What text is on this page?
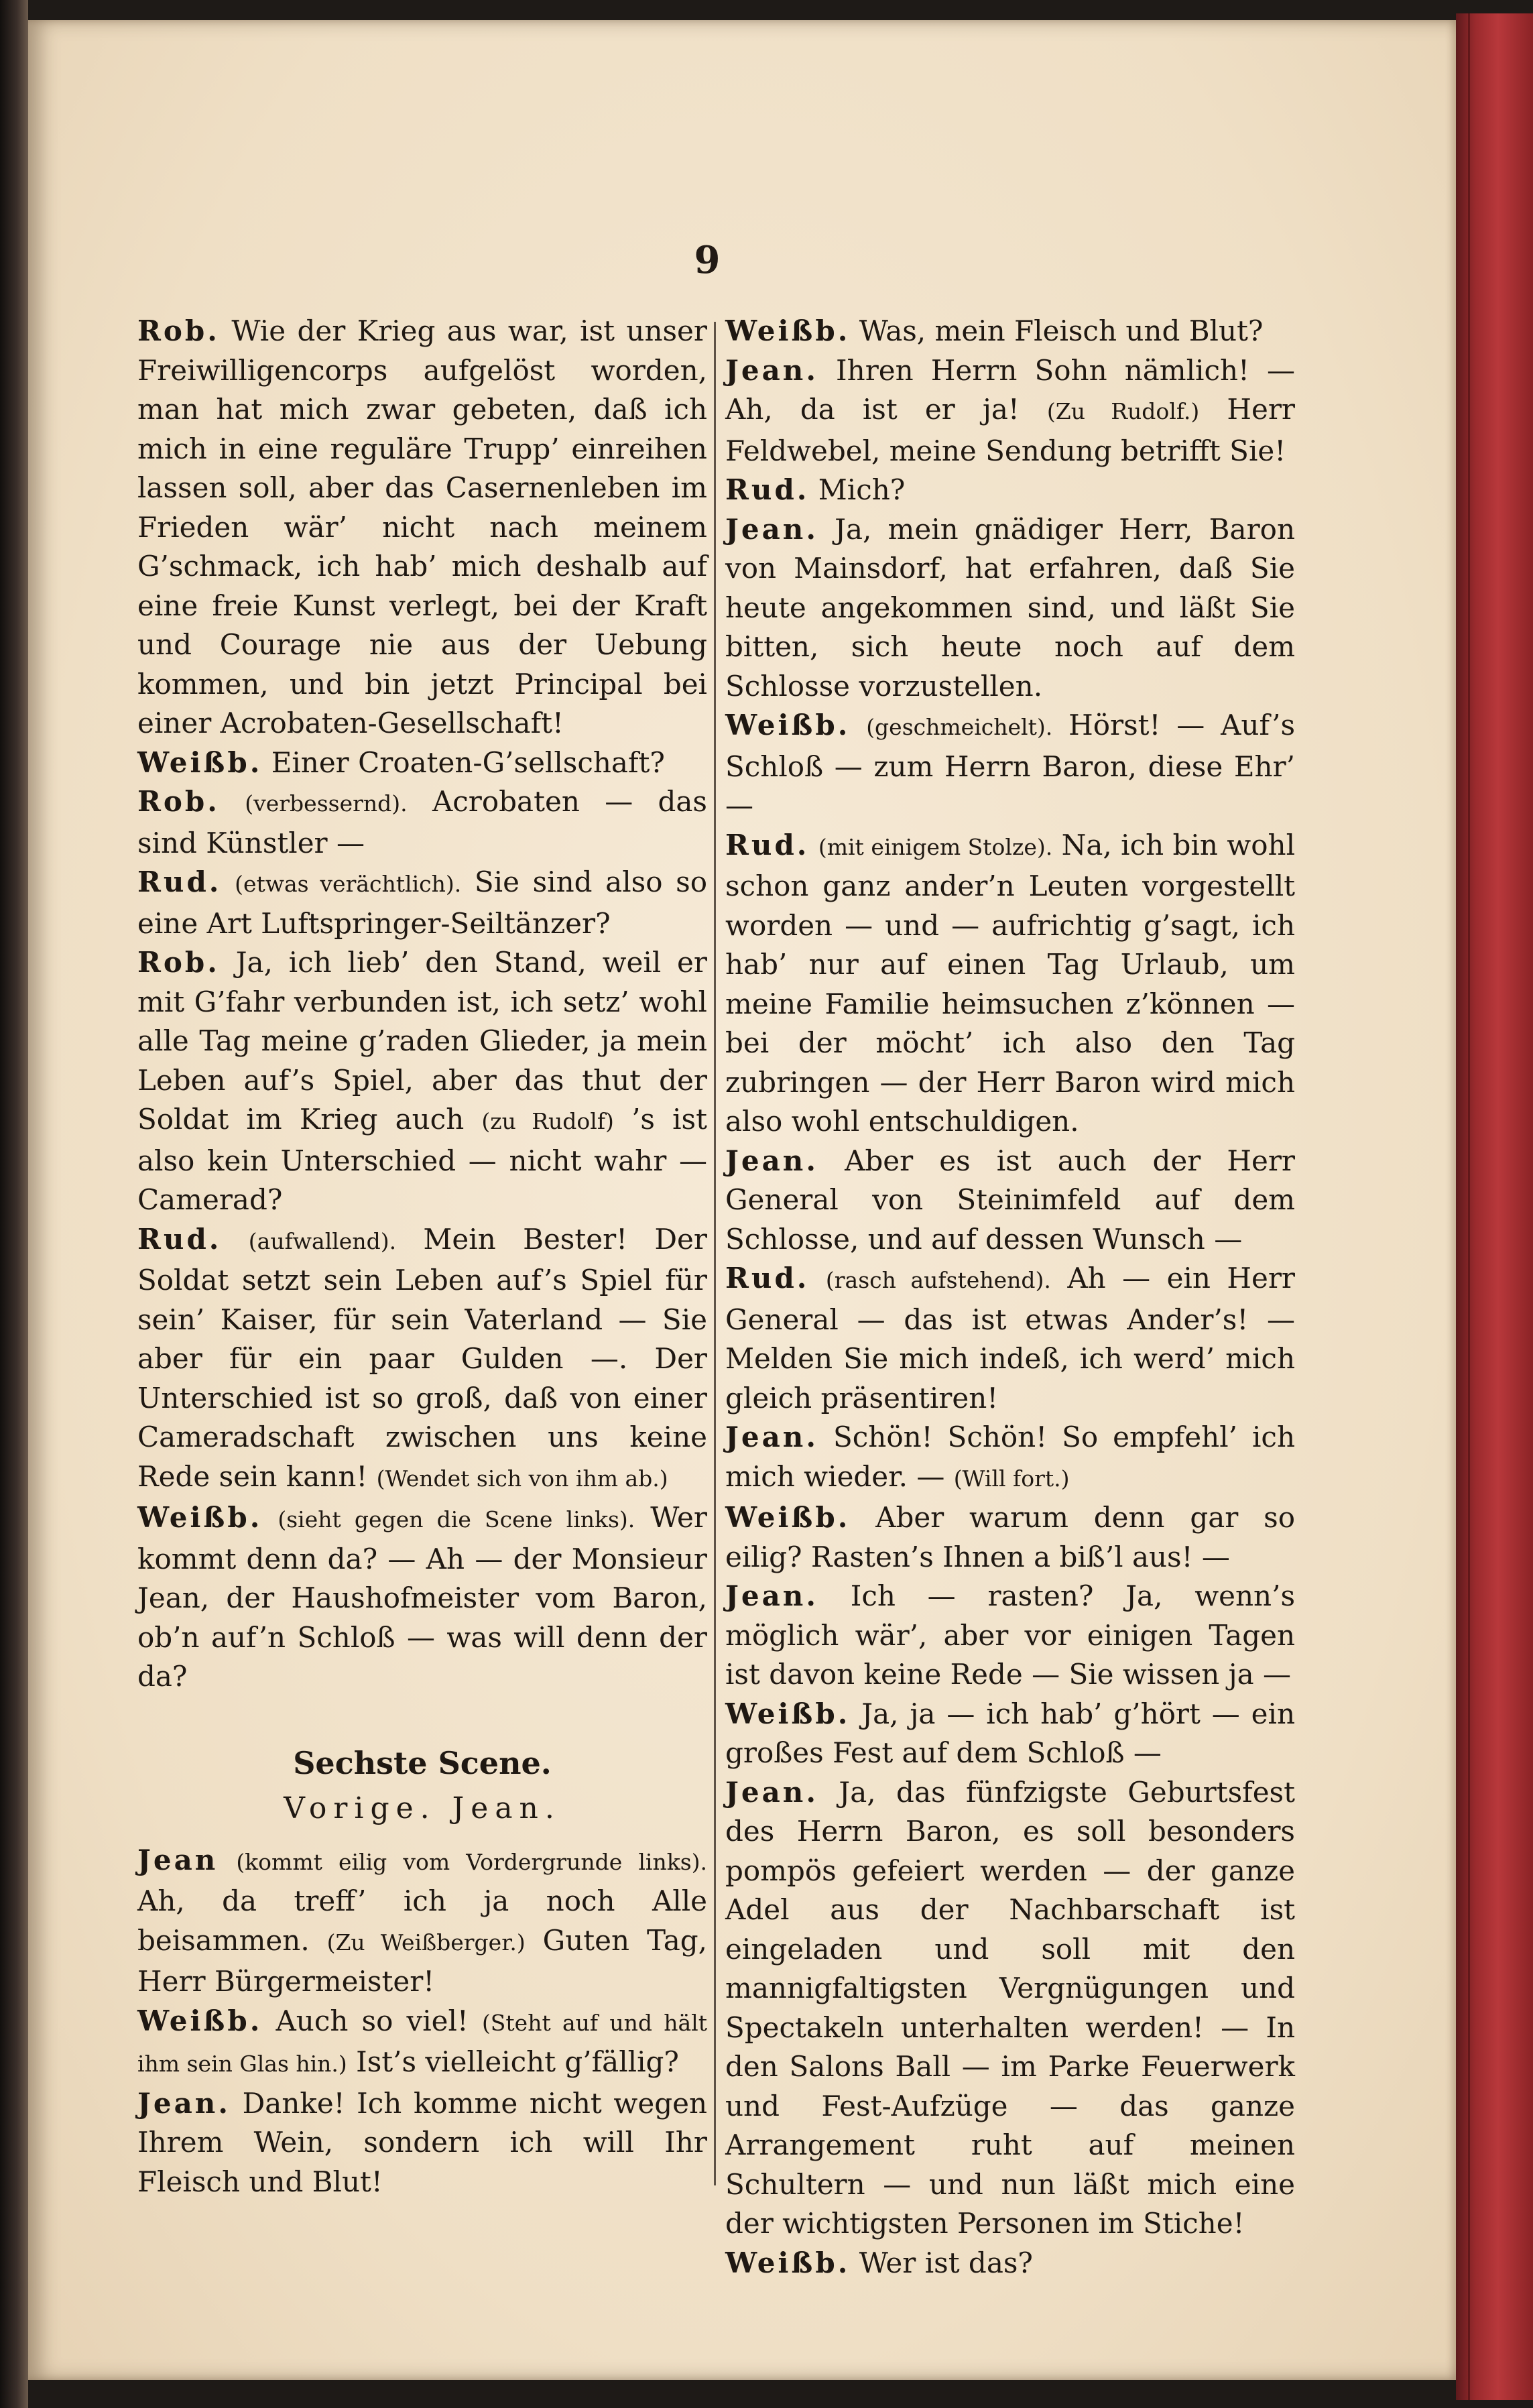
9

Rob. Wie der Krieg aus war, ist unser Freiwilligencorps aufgelöst worden, man hat mich zwar gebeten, daß ich mich in eine reguläre Trupp’ einreihen lassen soll, aber das Casernenleben im Frieden wär’ nicht nach meinem G’schmack, ich hab’ mich deshalb auf eine freie Kunst verlegt, bei der Kraft und Courage nie aus der Uebung kommen, und bin jetzt Principal bei einer Acrobaten-Gesellschaft!

Weißb. Einer Croaten-G’sellschaft?

Rob. (verbessernd). Acrobaten — das sind Künstler —

Rud. (etwas verächtlich). Sie sind also so eine Art Luftspringer-Seiltänzer?

Rob. Ja, ich lieb’ den Stand, weil er mit G’fahr verbunden ist, ich setz’ wohl alle Tag meine g’raden Glieder, ja mein Leben auf’s Spiel, aber das thut der Soldat im Krieg auch (zu Rudolf) ’s ist also kein Unterschied — nicht wahr — Camerad?

Rud. (aufwallend). Mein Bester! Der Soldat setzt sein Leben auf’s Spiel für sein’ Kaiser, für sein Vaterland — Sie aber für ein paar Gulden —. Der Unterschied ist so groß, daß von einer Cameradschaft zwischen uns keine Rede sein kann! (Wendet sich von ihm ab.)

Weißb. (sieht gegen die Scene links). Wer kommt denn da? — Ah — der Monsieur Jean, der Haushofmeister vom Baron, ob’n auf’n Schloß — was will denn der da?

Sechste Scene.
Vorige. Jean.

Jean (kommt eilig vom Vordergrunde links). Ah, da treff’ ich ja noch Alle beisammen. (Zu Weißberger.) Guten Tag, Herr Bürgermeister!

Weißb. Auch so viel! (Steht auf und hält ihm sein Glas hin.) Ist’s vielleicht g’fällig?

Jean. Danke! Ich komme nicht wegen Ihrem Wein, sondern ich will Ihr Fleisch und Blut!

Weißb. Was, mein Fleisch und Blut?

Jean. Ihren Herrn Sohn nämlich! — Ah, da ist er ja! (Zu Rudolf.) Herr Feldwebel, meine Sendung betrifft Sie!

Rud. Mich?

Jean. Ja, mein gnädiger Herr, Baron von Mainsdorf, hat erfahren, daß Sie heute angekommen sind, und läßt Sie bitten, sich heute noch auf dem Schlosse vorzustellen.

Weißb. (geschmeichelt). Hörst! — Auf’s Schloß — zum Herrn Baron, diese Ehr’ —

Rud. (mit einigem Stolze). Na, ich bin wohl schon ganz ander’n Leuten vorgestellt worden — und — aufrichtig g’sagt, ich hab’ nur auf einen Tag Urlaub, um meine Familie heimsuchen z’können — bei der möcht’ ich also den Tag zubringen — der Herr Baron wird mich also wohl entschuldigen.

Jean. Aber es ist auch der Herr General von Steinimfeld auf dem Schlosse, und auf dessen Wunsch —

Rud. (rasch aufstehend). Ah — ein Herr General — das ist etwas Ander’s! — Melden Sie mich indeß, ich werd’ mich gleich präsentiren!

Jean. Schön! Schön! So empfehl’ ich mich wieder. — (Will fort.)

Weißb. Aber warum denn gar so eilig? Rasten’s Ihnen a biß’l aus! —

Jean. Ich — rasten? Ja, wenn’s möglich wär’, aber vor einigen Tagen ist davon keine Rede — Sie wissen ja —

Weißb. Ja, ja — ich hab’ g’hört — ein großes Fest auf dem Schloß —

Jean. Ja, das fünfzigste Geburtsfest des Herrn Baron, es soll besonders pompös gefeiert werden — der ganze Adel aus der Nachbarschaft ist eingeladen und soll mit den mannigfaltigsten Vergnügungen und Spectakeln unterhalten werden! — In den Salons Ball — im Parke Feuerwerk und Fest-Aufzüge — das ganze Arrangement ruht auf meinen Schultern — und nun läßt mich eine der wichtigsten Personen im Stiche!

Weißb. Wer ist das?
